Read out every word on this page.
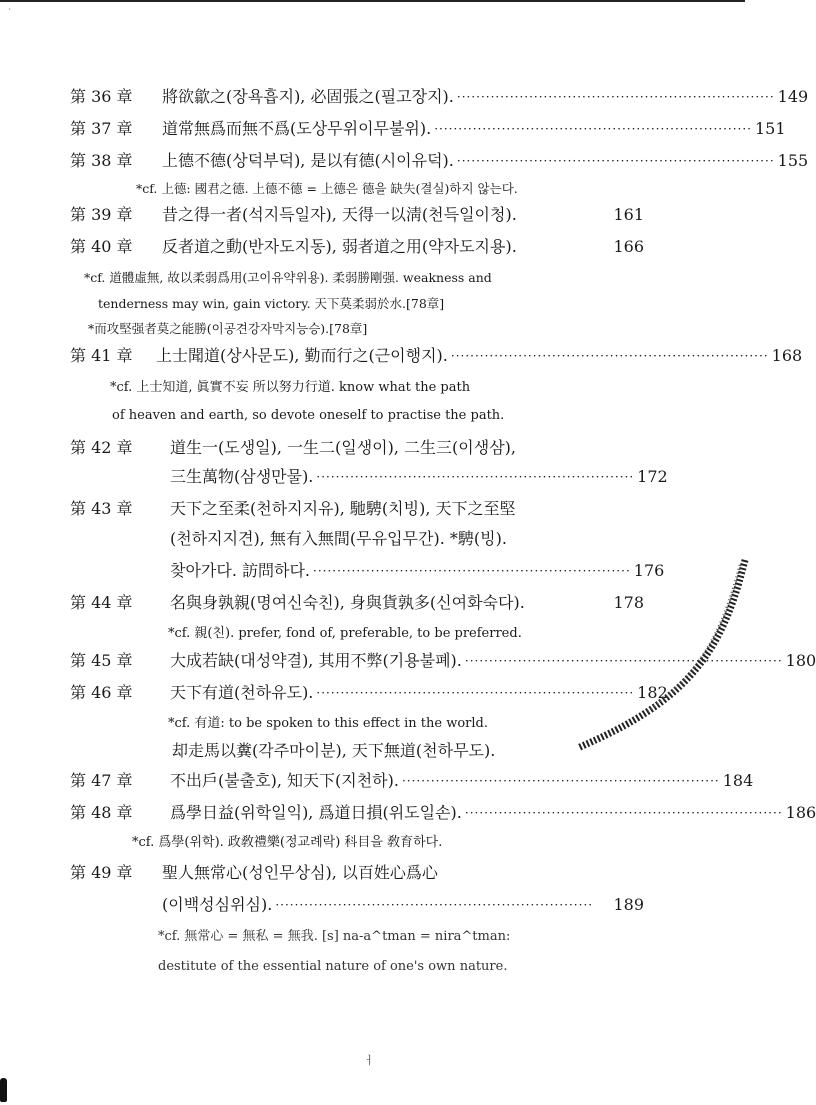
`
第 36 章	將欲歙之(장욕흡지), 必固張之(필고장지). ·································································· 149
第 37 章	道常無爲而無不爲(도상무위이무불위). ·································································· 151
第 38 章	上德不德(상덕부덕), 是以有德(시이유덕). ·································································· 155
*cf. 上德: 國君之德. 上德不德 = 上德은 德을 缺失(결실)하지 않는다.
第 39 章	昔之得一者(석지득일자), 天得一以淸(천득일이청).	161
第 40 章	反者道之動(반자도지동), 弱者道之用(약자도지용).	166
*cf. 道體虛無, 故以柔弱爲用(고이유약위용). 柔弱勝剛强. weakness and
tenderness may win, gain victory. 天下莫柔弱於水.[78章]
*而攻堅强者莫之能勝(이공견강자막지능승).[78章]
第 41 章	上士聞道(상사문도), 勤而行之(근이행지). ·································································· 168
*cf. 上士知道, 眞實不妄 所以努力行道. know what the path
of heaven and earth, so devote oneself to practise the path.
第 42 章 道生一(도생일), 一生二(일생이), 二生三(이생삼),
三生萬物(삼생만물). ·································································· 172
第 43 章 天下之至柔(천하지지유), 馳騁(치빙), 天下之至堅
(천하지지견), 無有入無間(무유입무간). *騁(빙).
찾아가다. 訪問하다. ·································································· 176
第 44 章	名與身孰親(명여신숙친), 身與貨孰多(신여화숙다).	178
*cf. 親(친). prefer, fond of, preferable, to be preferred.
第 45 章	大成若缺(대성약결), 其用不弊(기용불폐). ·································································· 180
第 46 章	天下有道(천하유도). ·································································· 182
*cf. 有道: to be spoken to this effect in the world.
却走馬以糞(각주마이분), 天下無道(천하무도).
第 47 章	不出戶(불출호), 知天下(지천하). ·································································· 184
第 48 章	爲學日益(위학일익), 爲道日損(위도일손). ·································································· 186
*cf. 爲學(위학). 政敎禮樂(정교례락) 科目을 敎育하다.
第 49 章 聖人無常心(성인무상심), 以百姓心爲心
(이백성심위심). ··································································	189
*cf. 無常心 = 無私 = 無我. [s] na-a^tman = nira^tman:
destitute of the essential nature of one's own nature.
ㅓ
